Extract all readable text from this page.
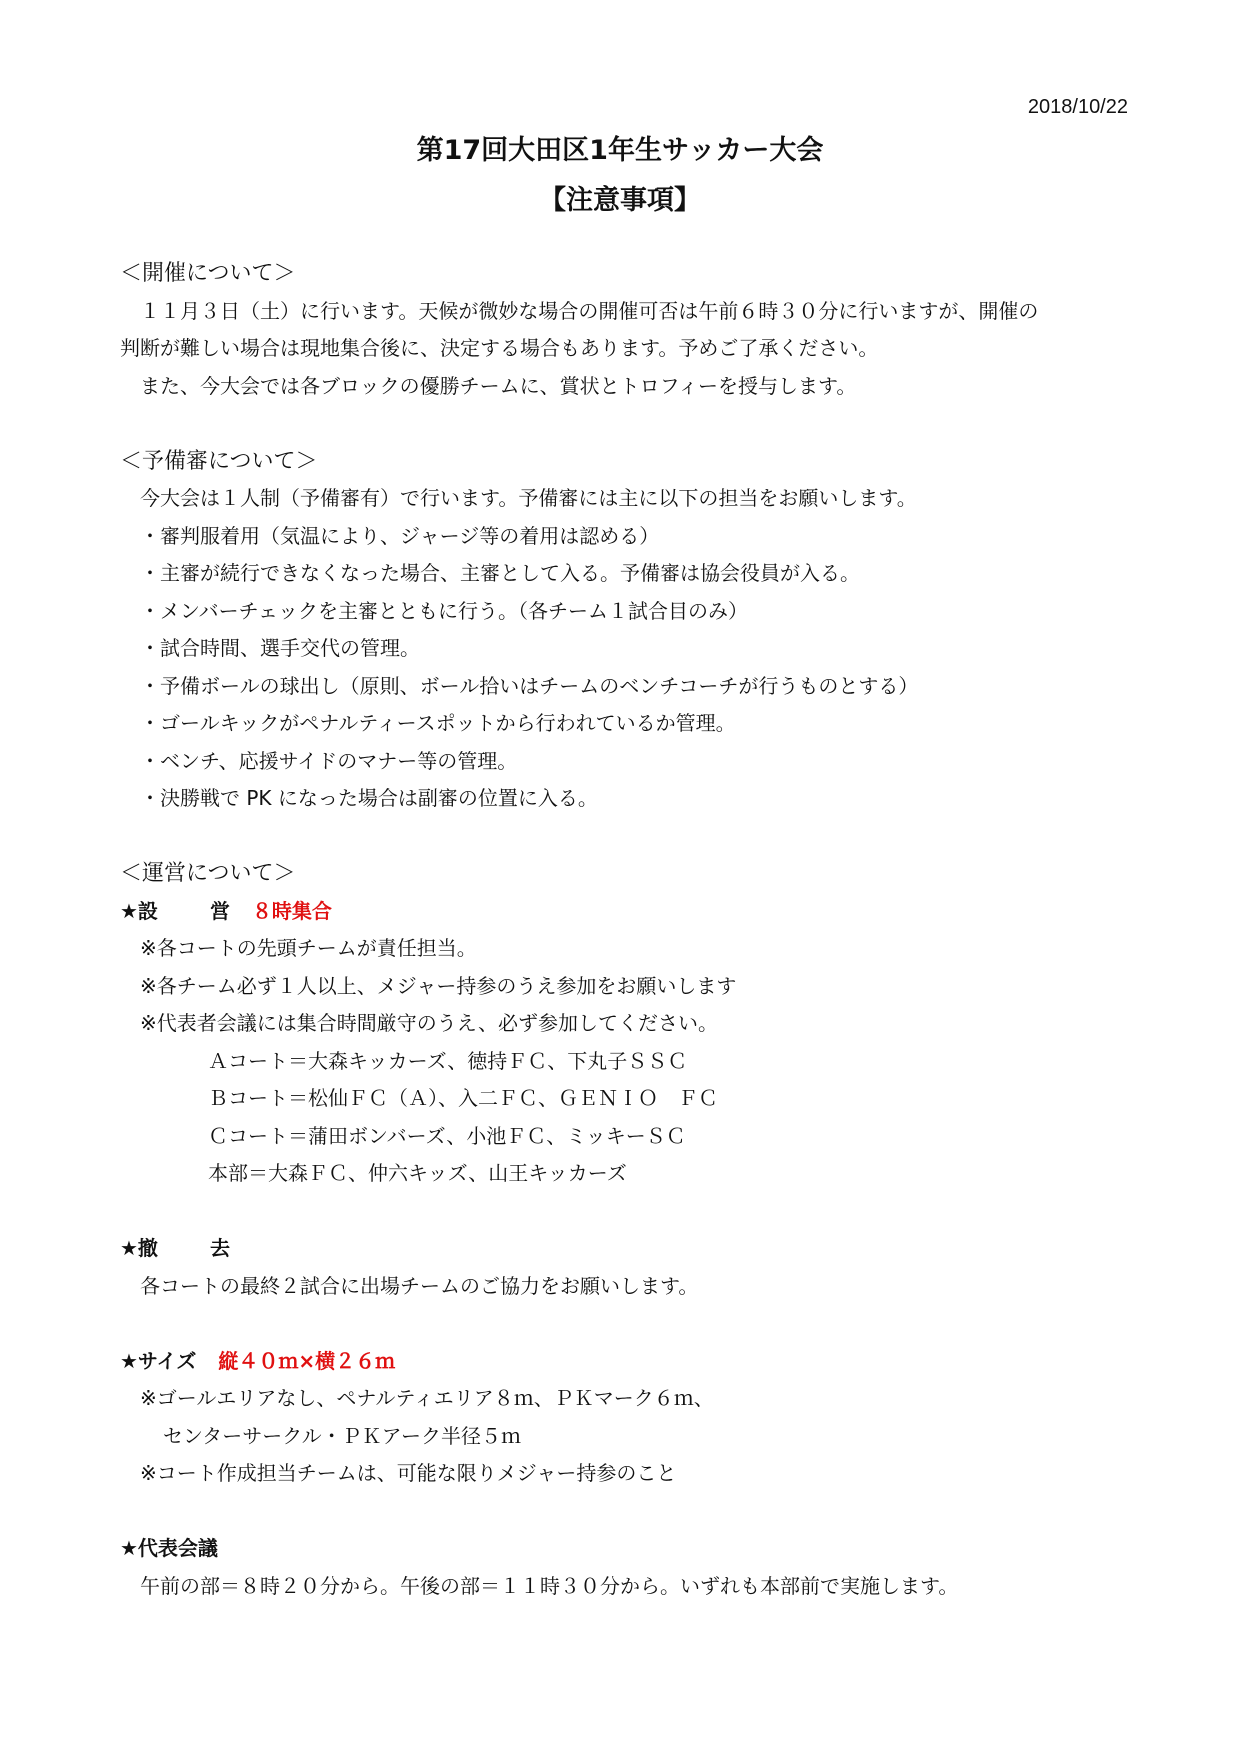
2018/10/22
第17回大田区1年生サッカー大会
【注意事項】
＜開催について＞
１１月３日（土）に行います。天候が微妙な場合の開催可否は午前６時３０分に行いますが、開催の
判断が難しい場合は現地集合後に、決定する場合もあります。予めご了承ください。
また、今大会では各ブロックの優勝チームに、賞状とトロフィーを授与します。
＜予備審について＞
今大会は１人制（予備審有）で行います。予備審には主に以下の担当をお願いします。
・審判服着用（気温により、ジャージ等の着用は認める）
・主審が続行できなくなった場合、主審として入る。予備審は協会役員が入る。
・メンバーチェックを主審とともに行う。（各チーム１試合目のみ）
・試合時間、選手交代の管理。
・予備ボールの球出し（原則、ボール拾いはチームのベンチコーチが行うものとする）
・ゴールキックがペナルティースポットから行われているか管理。
・ベンチ、応援サイドのマナー等の管理。
・決勝戦で PK になった場合は副審の位置に入る。
＜運営について＞
★設	営 ８時集合
※各コートの先頭チームが責任担当。
※各チーム必ず１人以上、メジャー持参のうえ参加をお願いします
※代表者会議には集合時間厳守のうえ、必ず参加してください。
Ａコート＝大森キッカーズ、徳持ＦＣ、下丸子ＳＳＣ
Ｂコート＝松仙ＦＣ（Ａ）、入二ＦＣ、ＧＥＮＩＯ　ＦＣ
Ｃコート＝蒲田ボンバーズ、小池ＦＣ、ミッキーＳＣ
本部＝大森ＦＣ、仲六キッズ、山王キッカーズ
★撤	去
各コートの最終２試合に出場チームのご協力をお願いします。
★サイズ 縦４０ｍ×横２６ｍ
※ゴールエリアなし、ペナルティエリア８ｍ、ＰＫマーク６ｍ、
センターサークル・ＰＫアーク半径５ｍ
※コート作成担当チームは、可能な限りメジャー持参のこと
★代表会議
午前の部＝８時２０分から。午後の部＝１１時３０分から。いずれも本部前で実施します。
